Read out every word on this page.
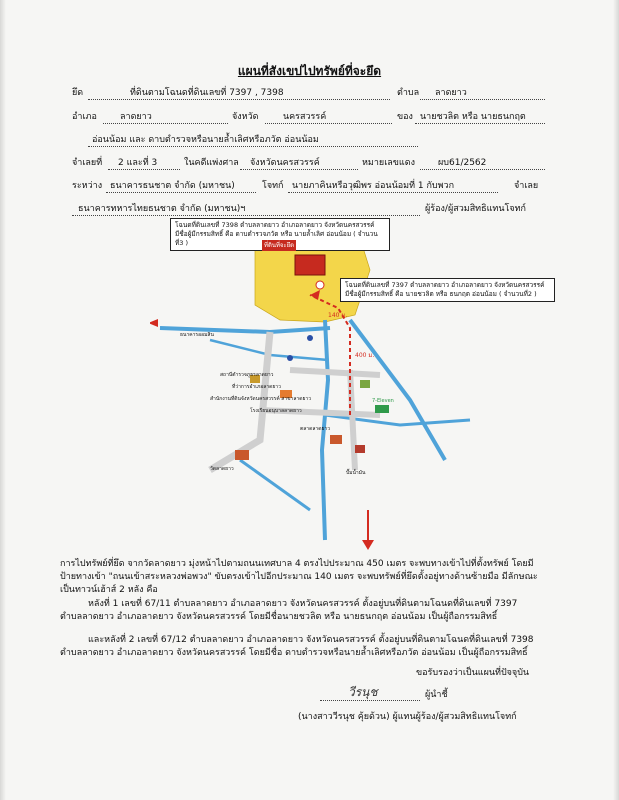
แผนที่สังเขปไปทรัพย์ที่จะยึด
ยึด	ที่ดินตามโฉนดที่ดินเลขที่ 7397 , 7398	ตำบล ลาดยาว
อำเภอ	ลาดยาว	จังหวัด	นครสวรรค์	ของ นายชวลิต หรือ นายธนกฤต
อ่อนน้อม และ ดาบตำรวจหรือนายล้ำเลิศหรือภวัต อ่อนน้อม
จำเลยที่ 2 และที่ 3	ในคดีแพ่งศาล จังหวัดนครสวรรค์	หมายเลขแดง	ผบ61/2562
ระหว่าง ธนาคารธนชาต จำกัด (มหาชน)	โจทก์ นายภาคินหรือวุฒิพร อ่อนน้อมที่ 1 กับพวก	จำเลย
ธนาคารทหารไทยธนชาต จำกัด (มหาชน)ฯ	ผู้ร้อง/ผู้สวมสิทธิแทนโจทก์
โฉนดที่ดินเลขที่ 7398 ตำบลลาดยาว อำเภอลาดยาว จังหวัดนครสวรรค์
มีชื่อผู้มีกรรมสิทธิ์ คือ ดาบตำรวจภวัต หรือ นายล้ำเลิศ อ่อนน้อม ( จำนวนที่3 )
โฉนดที่ดินเลขที่ 7397 ตำบลลาดยาว อำเภอลาดยาว จังหวัดนครสวรรค์
มีชื่อผู้มีกรรมสิทธิ์ คือ นายชวลิต หรือ ธนกฤต อ่อนน้อม ( จำนวนที่2 )
ที่ดินที่จะยึด
140 ม.
400 ม.
สถานีตำรวจภูธรลาดยาว
ที่ว่าการอำเภอลาดยาว
สำนักงานที่ดินจังหวัดนครสวรรค์ สาขาลาดยาว
โรงเรียนอนุบาลลาดยาว
ตลาดลาดยาว
วัดลาดยาว
7-Eleven
ธนาคารออมสิน
ปั๊มน้ำมัน
การไปทรัพย์ที่ยึด จากวัดลาดยาว มุ่งหน้าไปตามถนนเทศบาล 4 ตรงไปประมาณ 450 เมตร จะพบทางเข้าไปที่ตั้งทรัพย์ โดยมี
ป้ายทางเข้า "ถนนเข้าสระหลวงพ่อพวง" ขับตรงเข้าไปอีกประมาณ 140 เมตร จะพบทรัพย์ที่ยึดตั้งอยู่ทางด้านซ้ายมือ มีลักษณะ
เป็นทาวน์เฮ้าส์ 2 หลัง คือ
หลังที่ 1 เลขที่ 67/11 ตำบลลาดยาว อำเภอลาดยาว จังหวัดนครสวรรค์ ตั้งอยู่บนที่ดินตามโฉนดที่ดินเลขที่ 7397
ตำบลลาดยาว อำเภอลาดยาว จังหวัดนครสวรรค์ โดยมีชื่อนายชวลิต หรือ นายธนกฤต อ่อนน้อม เป็นผู้ถือกรรมสิทธิ์
และหลังที่ 2 เลขที่ 67/12 ตำบลลาดยาว อำเภอลาดยาว จังหวัดนครสวรรค์ ตั้งอยู่บนที่ดินตามโฉนดที่ดินเลขที่ 7398
ตำบลลาดยาว อำเภอลาดยาว จังหวัดนครสวรรค์ โดยมีชื่อ ดาบตำรวจหรือนายล้ำเลิศหรือภวัต อ่อนน้อม เป็นผู้ถือกรรมสิทธิ์
ขอรับรองว่าเป็นแผนที่ปัจจุบัน
วีรนุช	ผู้นำชี้
(นางสาววีรนุช คุ้ยด้วน) ผู้แทนผู้ร้อง/ผู้สวมสิทธิแทนโจทก์
